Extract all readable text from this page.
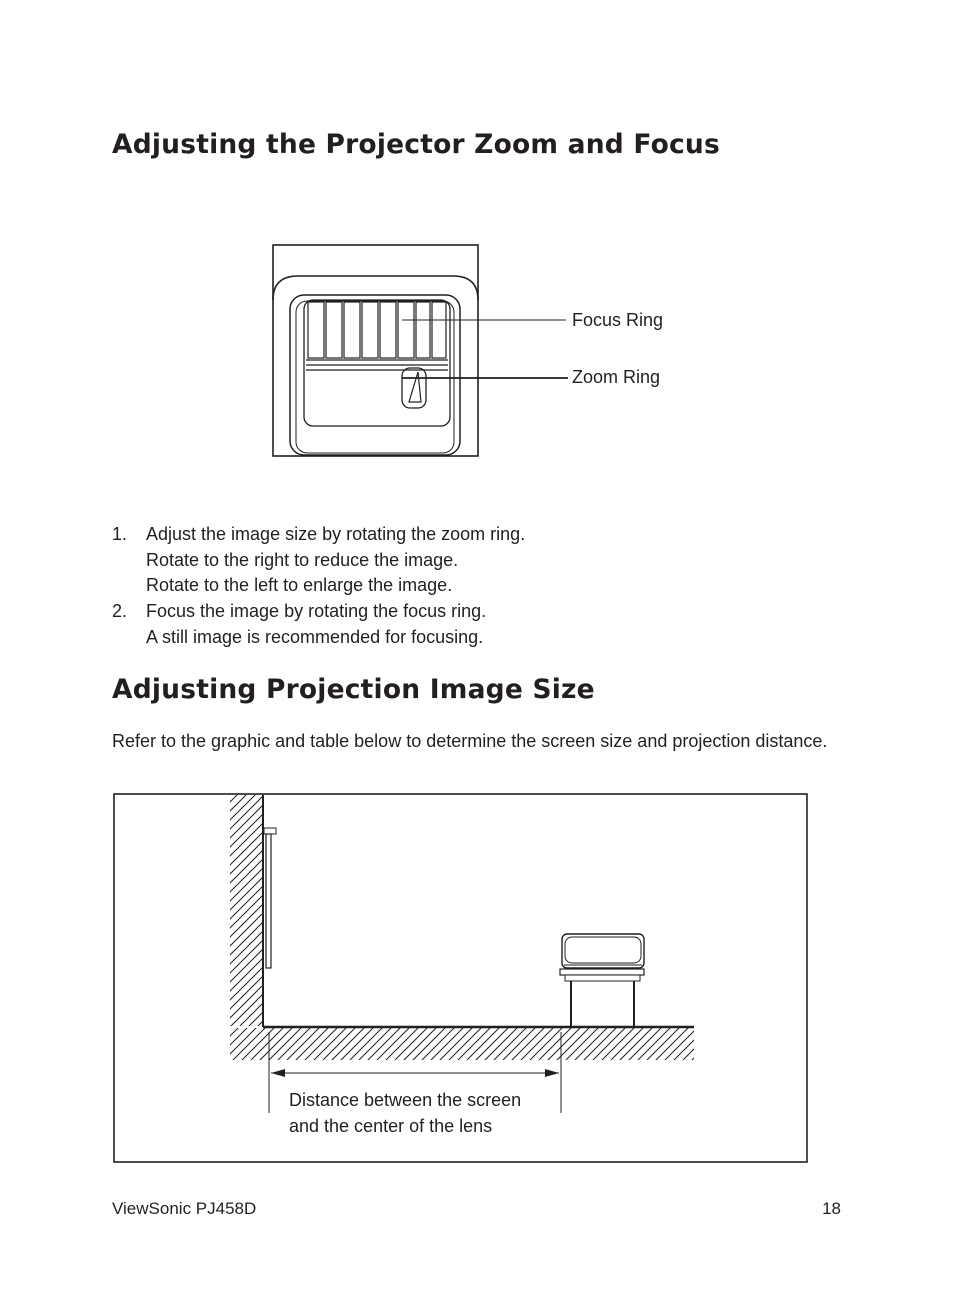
Adjusting the Projector Zoom and Focus
Focus Ring
Zoom Ring
1. Adjust the image size by rotating the zoom ring.
Rotate to the right to reduce the image.
Rotate to the left to enlarge the image.
2. Focus the image by rotating the focus ring.
A still image is recommended for focusing.
Adjusting Projection Image Size

Refer to the graphic and table below to determine the screen size and projection distance.

Distance between the screen
and the center of the lens
ViewSonic PJ458D	18
